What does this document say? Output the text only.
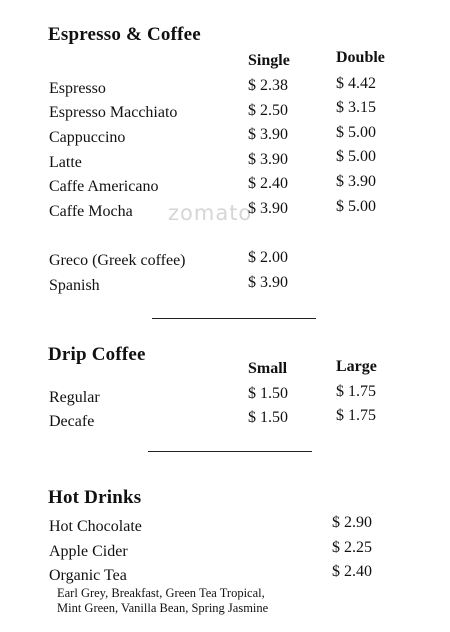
zomato
Espresso & Coffee
Single	Double
Espresso	$ 2.38	$ 4.42
Espresso Macchiato	$ 2.50	$ 3.15
Cappuccino	$ 3.90	$ 5.00
Latte	$ 3.90	$ 5.00
Caffe Americano	$ 2.40	$ 3.90
Caffe Mocha	$ 3.90	$ 5.00
Greco (Greek coffee)	$ 2.00
Spanish	$ 3.90
Drip Coffee
Small	Large
Regular	$ 1.50	$ 1.75
Decafe	$ 1.50	$ 1.75
Hot Drinks
Hot Chocolate	$ 2.90
Apple Cider	$ 2.25
Organic Tea	$ 2.40
Earl Grey, Breakfast, Green Tea Tropical,
Mint Green, Vanilla Bean, Spring Jasmine
